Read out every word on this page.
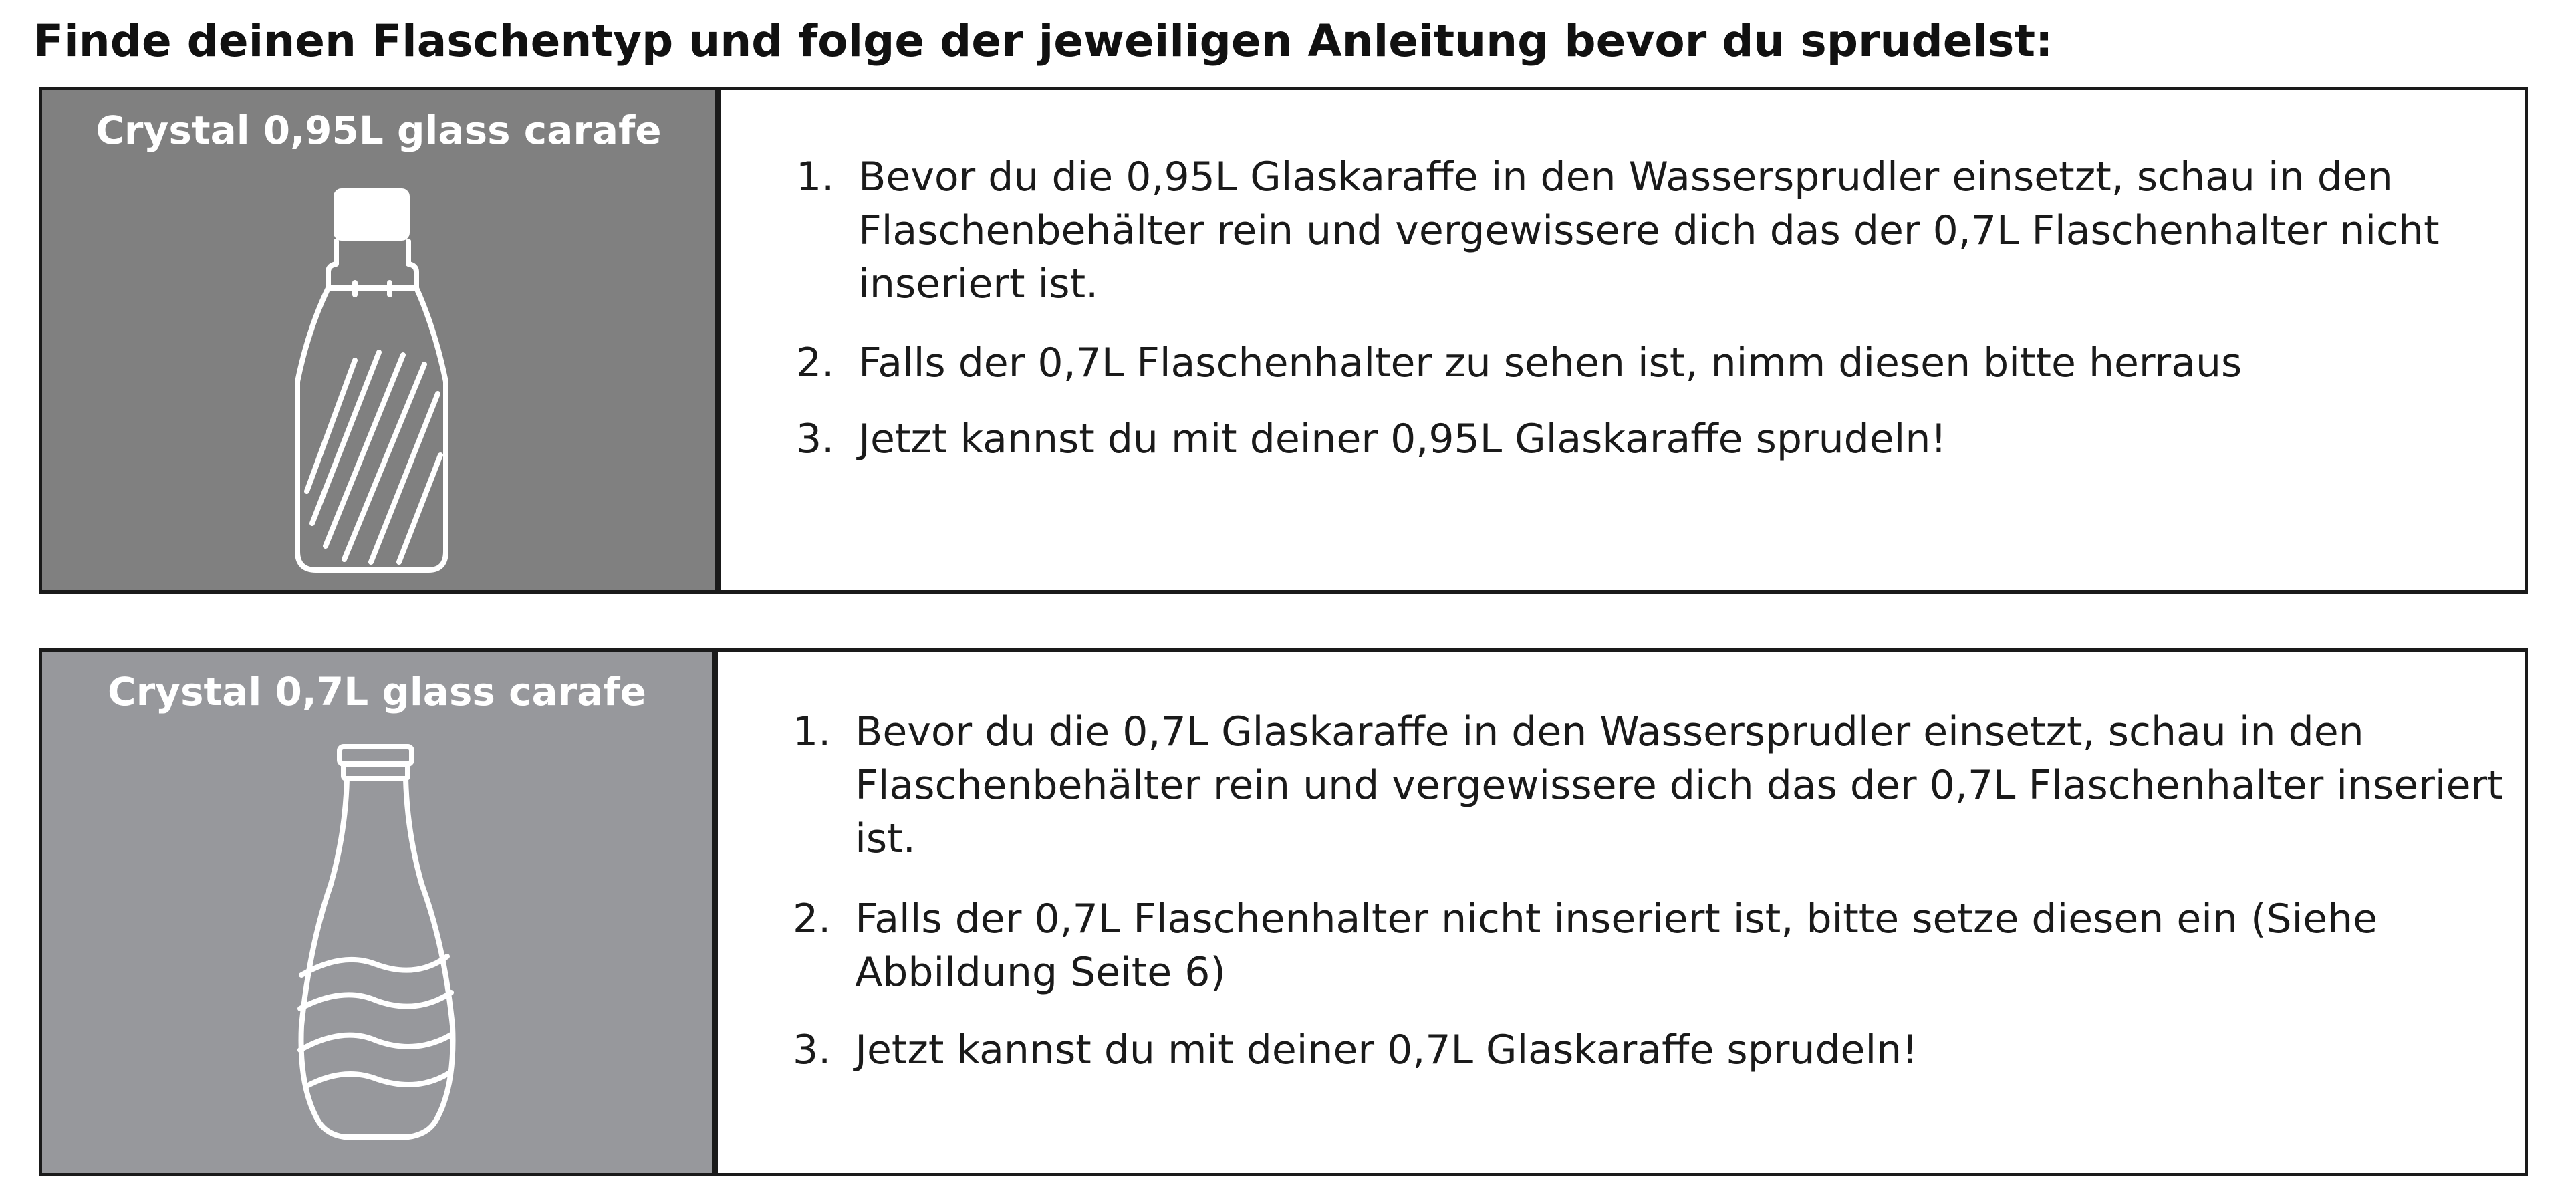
Finde deinen Flaschentyp und folge der jeweiligen Anleitung bevor du sprudelst:
Crystal 0,95L glass carafe
1. Bevor du die 0,95L Glaskaraffe in den Wassersprudler einsetzt, schau in den Flaschenbehälter rein und vergewissere dich das der 0,7L Flaschenhalter nicht inseriert ist.
2. Falls der 0,7L Flaschenhalter zu sehen ist, nimm diesen bitte herraus
3. Jetzt kannst du mit deiner 0,95L Glaskaraffe sprudeln!
Crystal 0,7L glass carafe
1. Bevor du die 0,7L Glaskaraffe in den Wassersprudler einsetzt, schau in den Flaschenbehälter rein und vergewissere dich das der 0,7L Flaschenhalter inseriert ist.
2. Falls der 0,7L Flaschenhalter nicht inseriert ist, bitte setze diesen ein (Siehe Abbildung Seite 6)
3. Jetzt kannst du mit deiner 0,7L Glaskaraffe sprudeln!
